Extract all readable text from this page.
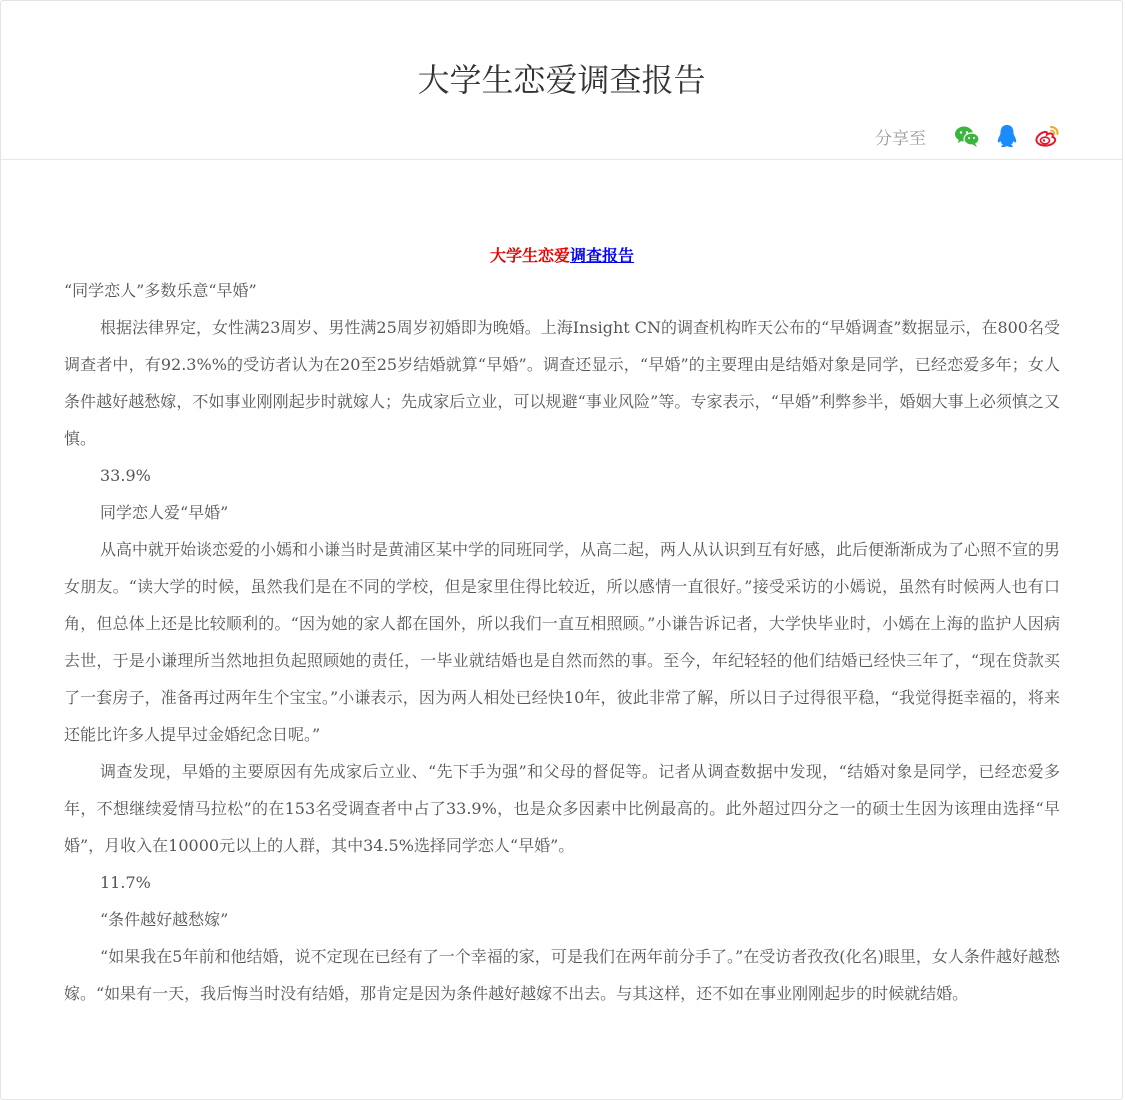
大学生恋爱调查报告
分享至
大学生恋爱调查报告

“同学恋人”多数乐意“早婚”

根据法律界定，女性满23周岁、男性满25周岁初婚即为晚婚。上海Insight CN的调查机构昨天公布的“早婚调查”数据显示，在800名受调查者中，有92.3%%的受访者认为在20至25岁结婚就算“早婚”。调查还显示，“早婚”的主要理由是结婚对象是同学，已经恋爱多年；女人条件越好越愁嫁，不如事业刚刚起步时就嫁人；先成家后立业，可以规避“事业风险”等。专家表示，“早婚”利弊参半，婚姻大事上必须慎之又慎。

33.9%

同学恋人爱“早婚”

从高中就开始谈恋爱的小嫣和小谦当时是黄浦区某中学的同班同学，从高二起，两人从认识到互有好感，此后便渐渐成为了心照不宣的男女朋友。“读大学的时候，虽然我们是在不同的学校，但是家里住得比较近，所以感情一直很好。”接受采访的小嫣说，虽然有时候两人也有口角，但总体上还是比较顺利的。“因为她的家人都在国外，所以我们一直互相照顾。”小谦告诉记者，大学快毕业时，小嫣在上海的监护人因病去世，于是小谦理所当然地担负起照顾她的责任，一毕业就结婚也是自然而然的事。至今，年纪轻轻的他们结婚已经快三年了，“现在贷款买了一套房子，准备再过两年生个宝宝。”小谦表示，因为两人相处已经快10年，彼此非常了解，所以日子过得很平稳，“我觉得挺幸福的，将来还能比许多人提早过金婚纪念日呢。”

调查发现，早婚的主要原因有先成家后立业、“先下手为强”和父母的督促等。记者从调查数据中发现，“结婚对象是同学，已经恋爱多年，不想继续爱情马拉松”的在153名受调查者中占了33.9%，也是众多因素中比例最高的。此外超过四分之一的硕士生因为该理由选择“早婚”，月收入在10000元以上的人群，其中34.5%选择同学恋人“早婚”。

11.7%

“条件越好越愁嫁”

“如果我在5年前和他结婚，说不定现在已经有了一个幸福的家，可是我们在两年前分手了。”在受访者孜孜(化名)眼里，女人条件越好越愁嫁。“如果有一天，我后悔当时没有结婚，那肯定是因为条件越好越嫁不出去。与其这样，还不如在事业刚刚起步的时候就结婚。
